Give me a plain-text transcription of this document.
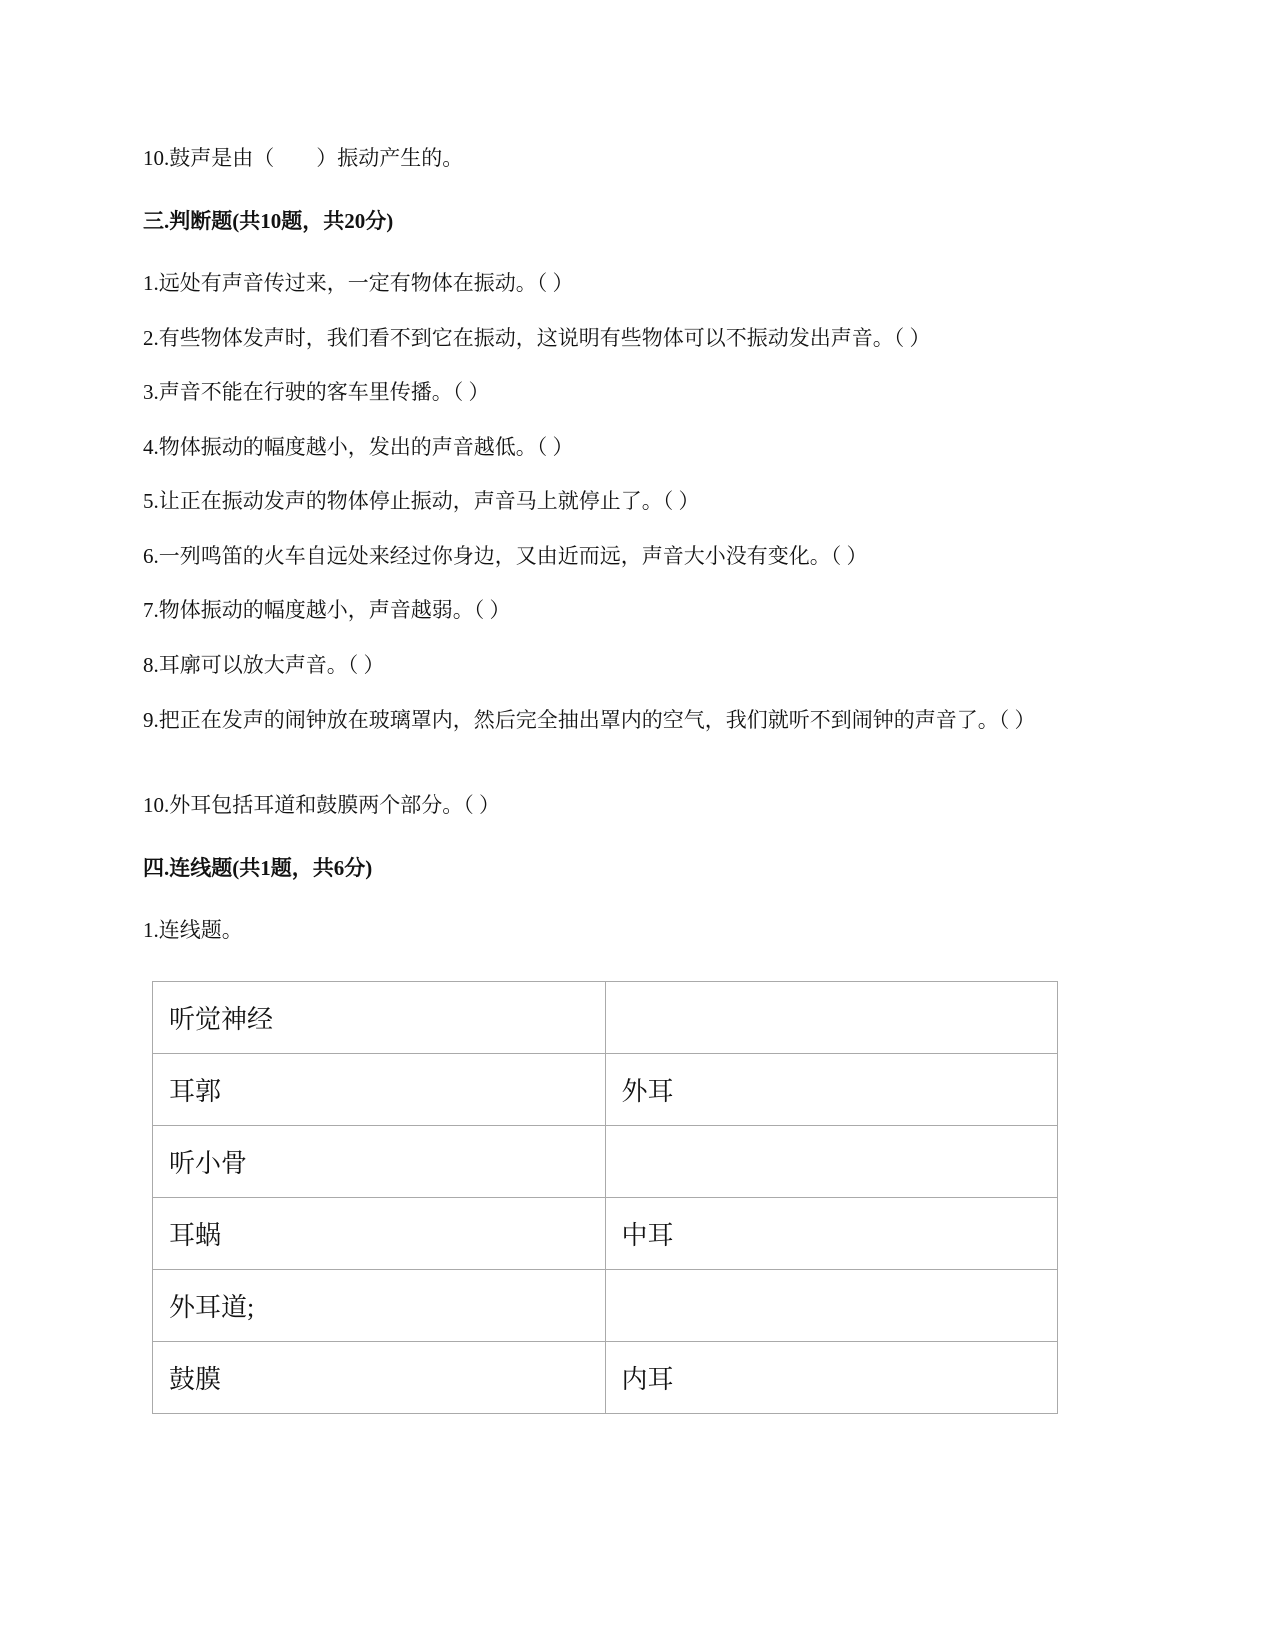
10.鼓声是由（　　）振动产生的。
三.判断题(共10题，共20分)
1.远处有声音传过来，一定有物体在振动。（ ）
2.有些物体发声时，我们看不到它在振动，这说明有些物体可以不振动发出声音。（ ）
3.声音不能在行驶的客车里传播。（ ）
4.物体振动的幅度越小，发出的声音越低。（ ）
5.让正在振动发声的物体停止振动，声音马上就停止了。（ ）
6.一列鸣笛的火车自远处来经过你身边，又由近而远，声音大小没有变化。（ ）
7.物体振动的幅度越小，声音越弱。（ ）
8.耳廓可以放大声音。（ ）
9.把正在发声的闹钟放在玻璃罩内，然后完全抽出罩内的空气，我们就听不到闹钟的声音了。（ ）
10.外耳包括耳道和鼓膜两个部分。（ ）
四.连线题(共1题，共6分)
1.连线题。
听觉神经	
耳郭	外耳
听小骨	
耳蜗	中耳
外耳道;	
鼓膜	内耳
